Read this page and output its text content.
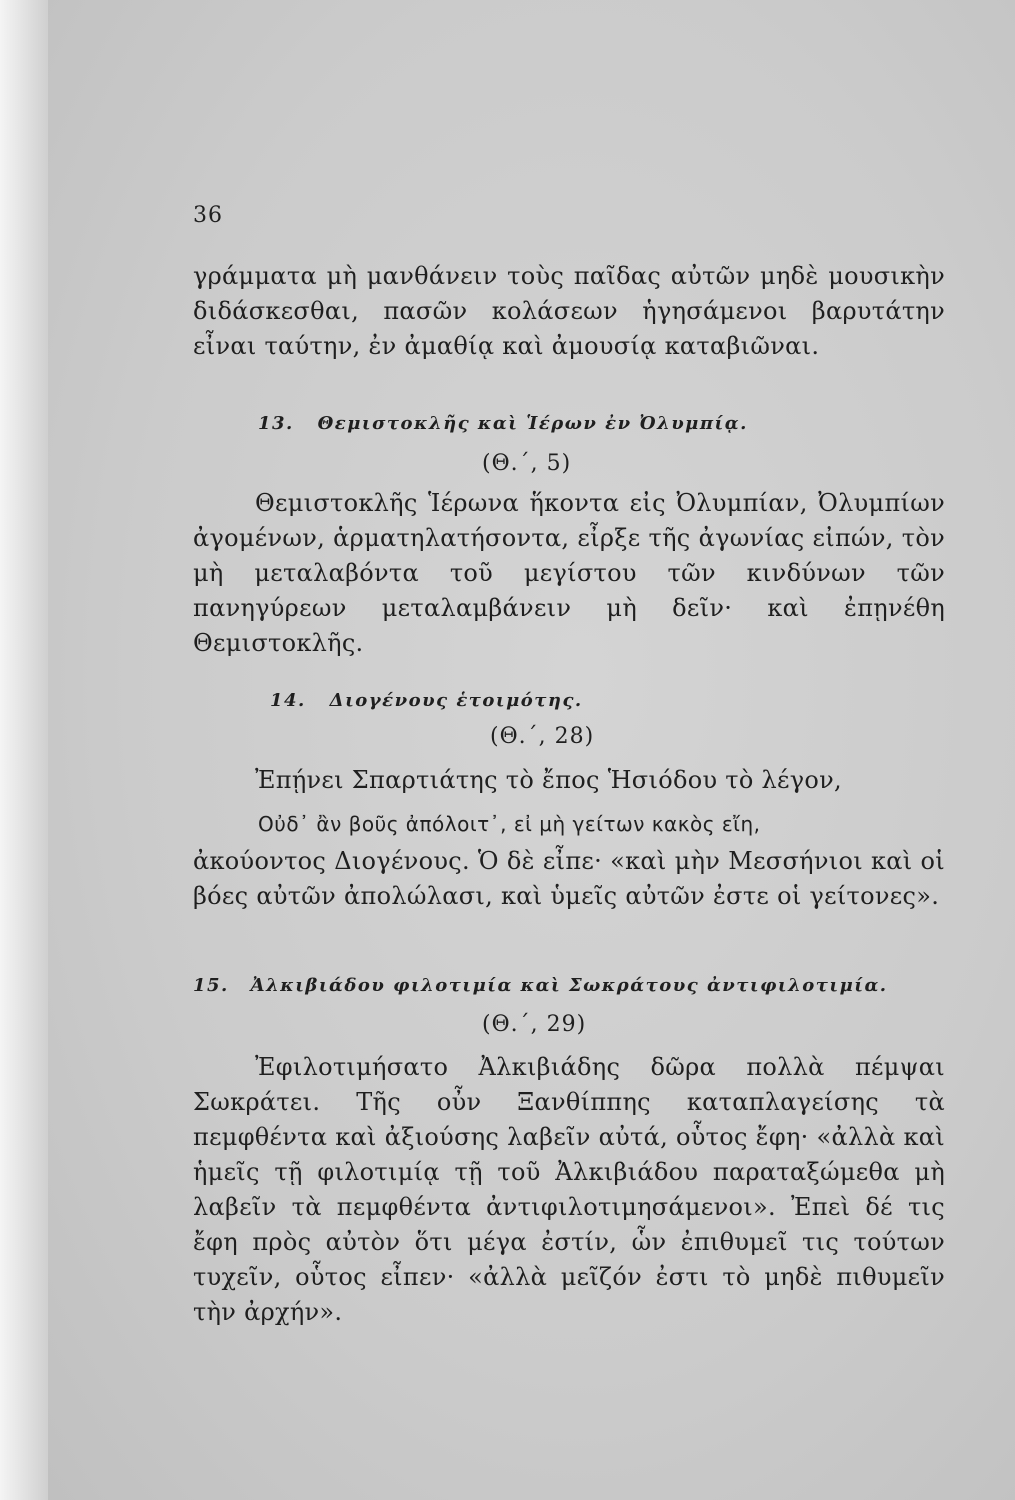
36
γράμματα μὴ μανθάνειν τοὺς παῖδας αὐτῶν μηδὲ μουσικὴν διδάσκεσθαι, πασῶν κολάσεων ἡγησάμενοι βαρυτάτην εἶναι ταύτην, ἐν ἀμαθίᾳ καὶ ἀμουσίᾳ καταβιῶναι.
13. Θεμιστοκλῆς καὶ Ἱέρων ἐν Ὀλυμπίᾳ.
(Θ.΄, 5)
Θεμιστοκλῆς Ἱέρωνα ἥκοντα εἰς Ὀλυμπίαν, Ὀλυμπίων ἀγομένων, ἁρματηλατήσοντα, εἶρξε τῆς ἀγωνίας εἰπών, τὸν μὴ μεταλαβόντα τοῦ μεγίστου τῶν κινδύνων τῶν πανηγύρεων μεταλαμβάνειν μὴ δεῖν· καὶ ἐπῃνέθη Θεμιστοκλῆς.
14. Διογένους ἑτοιμότης.
(Θ.΄, 28)
Ἐπῄνει Σπαρτιάτης τὸ ἔπος Ἡσιόδου τὸ λέγον,
Οὐδ᾽ ἂν βοῦς ἀπόλοιτ᾽, εἰ μὴ γείτων κακὸς εἴη,
ἀκούοντος Διογένους. Ὁ δὲ εἶπε· «καὶ μὴν Μεσσήνιοι καὶ οἱ βόες αὐτῶν ἀπολώλασι, καὶ ὑμεῖς αὐτῶν ἐστε οἱ γείτονες».
15. Ἀλκιβιάδου φιλοτιμία καὶ Σωκράτους ἀντιφιλοτιμία.
(Θ.΄, 29)
Ἐφιλοτιμήσατο Ἀλκιβιάδης δῶρα πολλὰ πέμψαι Σωκράτει. Τῆς οὖν Ξανθίππης καταπλαγείσης τὰ πεμφθέντα καὶ ἀξιούσης λαβεῖν αὐτά, οὗτος ἔφη· «ἀλλὰ καὶ ἡμεῖς τῇ φιλοτιμίᾳ τῇ τοῦ Ἀλκιβιάδου παραταξώμεθα μὴ λαβεῖν τὰ πεμφθέντα ἀντιφιλοτιμησάμενοι». Ἐπεὶ δέ τις ἔφη πρὸς αὐτὸν ὅτι μέγα ἐστίν, ὧν ἐπιθυμεῖ τις τούτων τυχεῖν, οὗτος εἶπεν· «ἀλλὰ μεῖζόν ἐστι τὸ μηδὲ πιθυμεῖν τὴν ἀρχήν».
